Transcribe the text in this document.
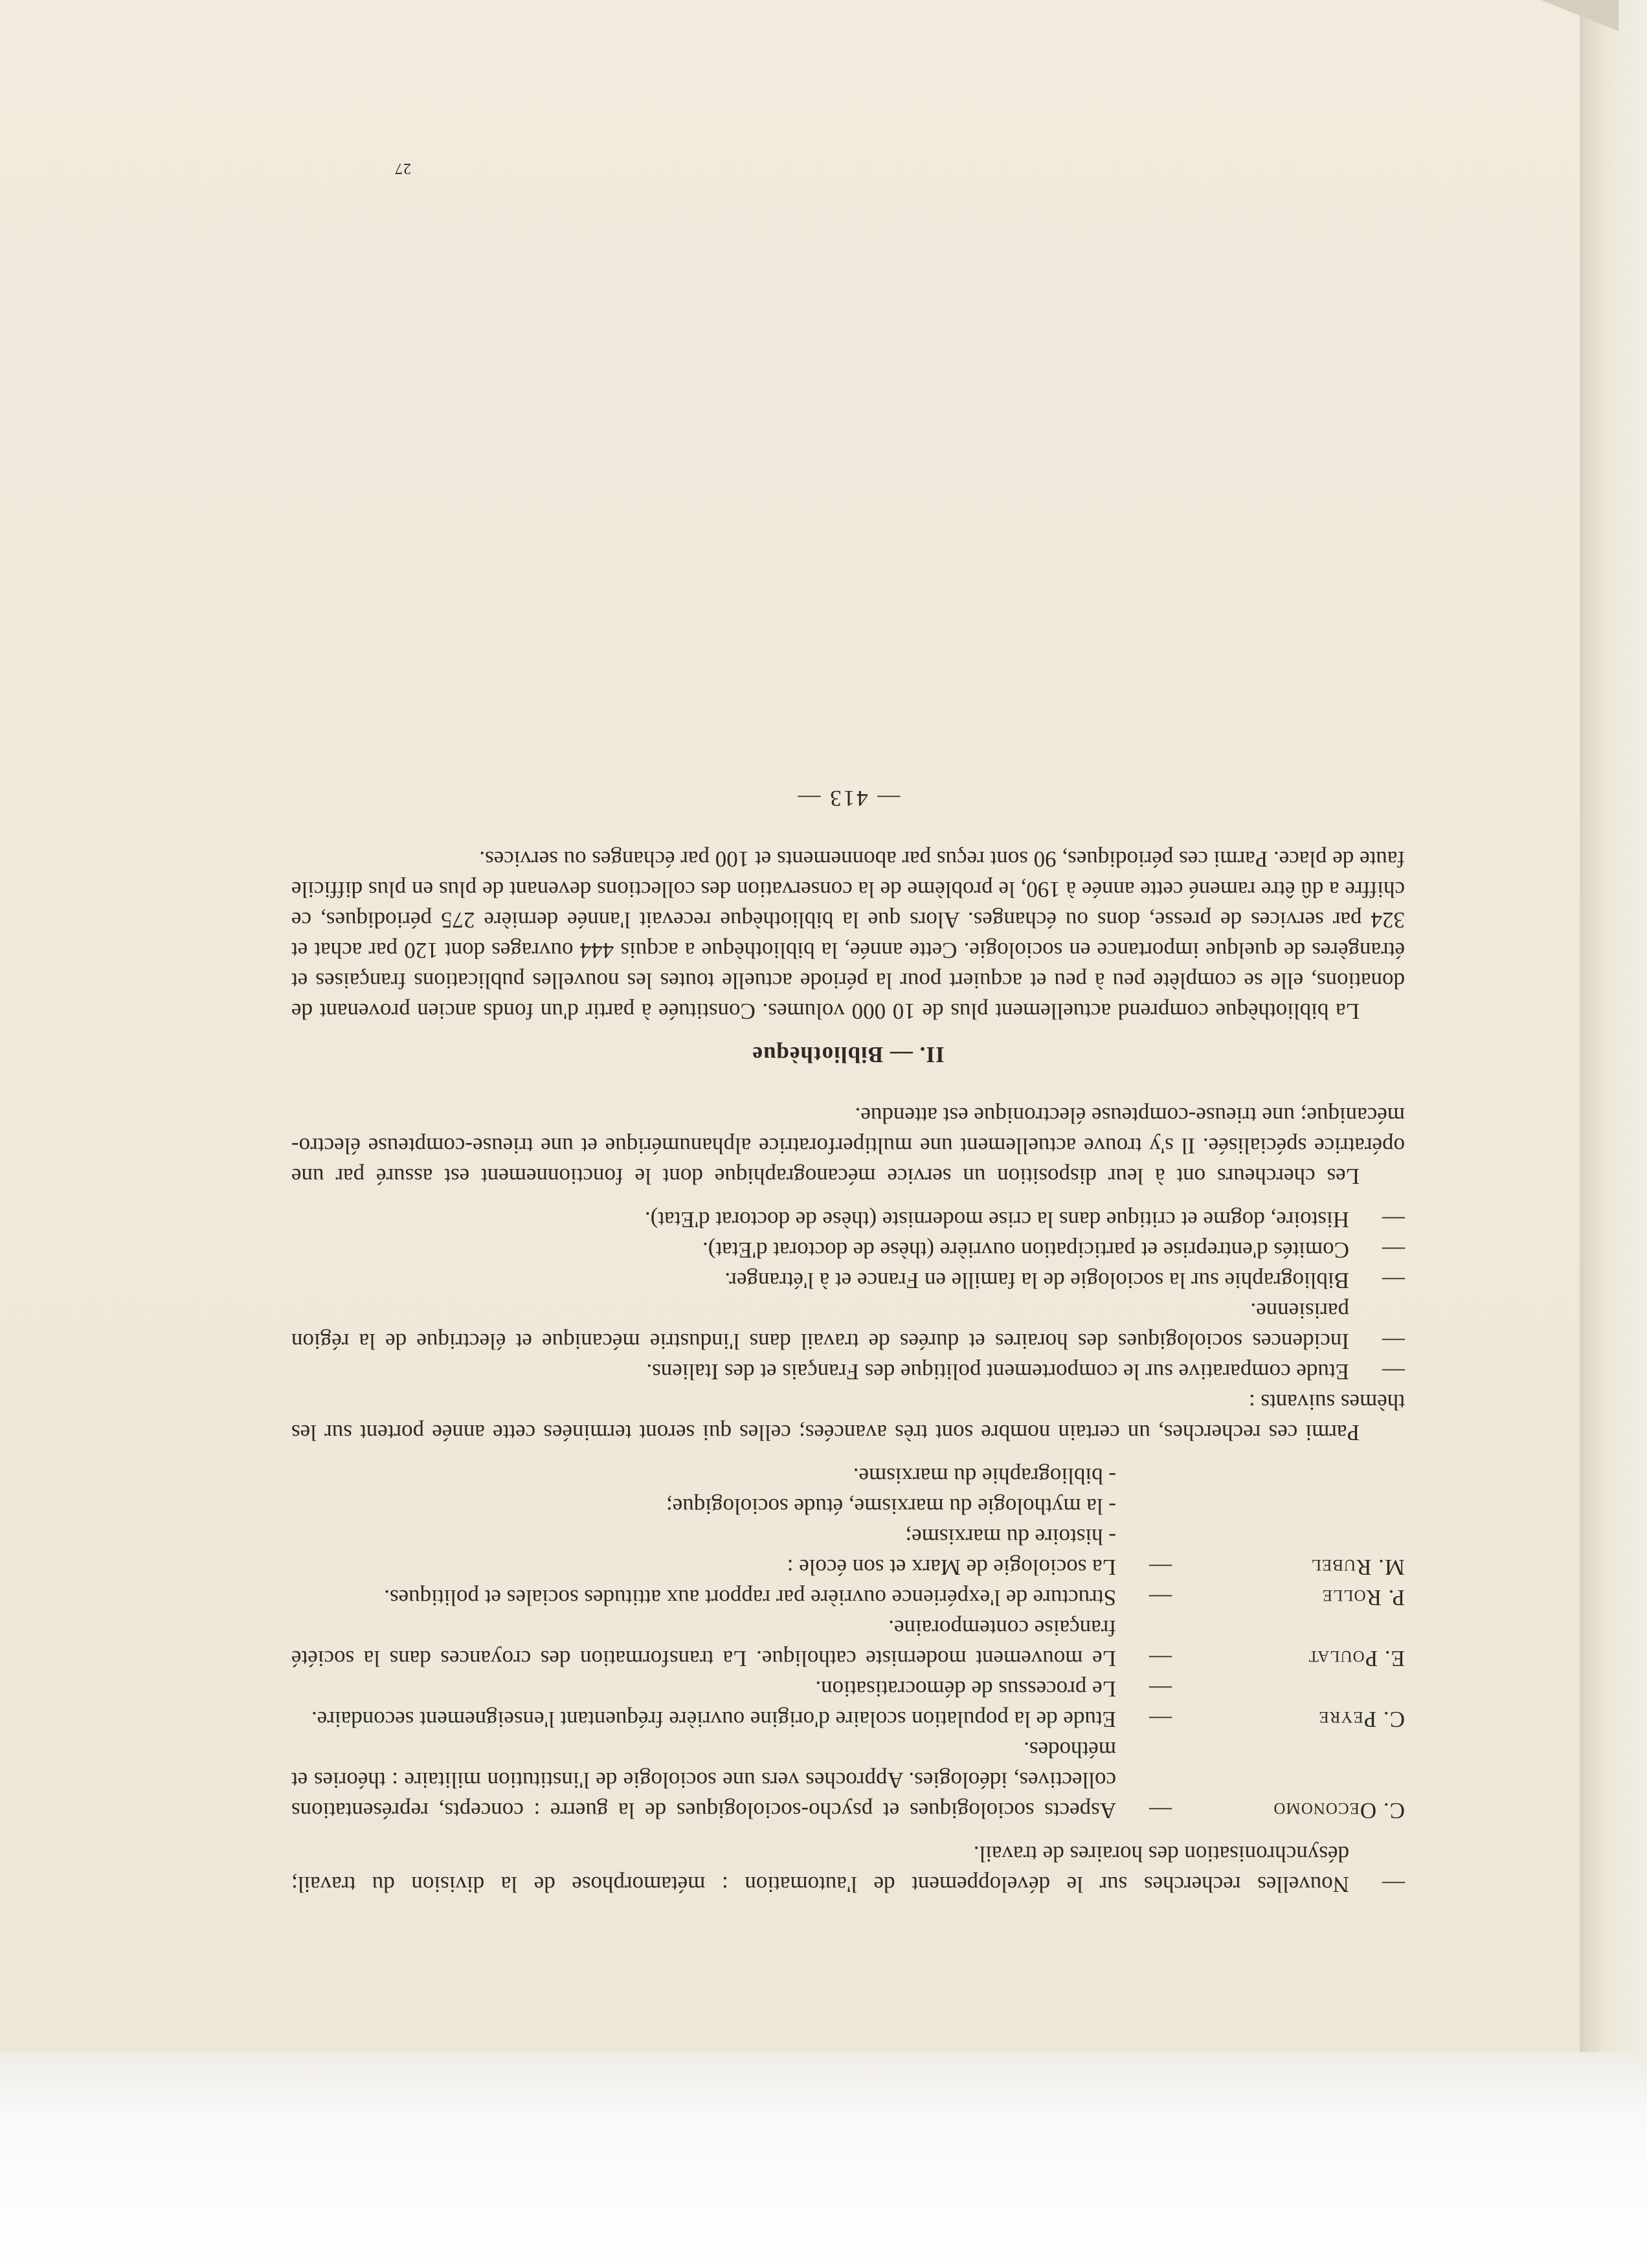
—
Nouvelles recherches sur le développement de l'automation : métamorphose de la division du travail; désynchronisation des horaires de travail.
C. Oeconomo
—
Aspects sociologiques et psycho-sociologiques de la guerre : concepts, représentations collectives, idéologies. Approches vers une sociologie de l'institution militaire : théories et méthodes.
C. Peyre
—
Etude de la population scolaire d'origine ouvrière fréquentant l'enseignement secondaire.
—
Le processus de démocratisation.
E. Poulat
—
Le mouvement moderniste catholique. La transformation des croyances dans la société française contemporaine.
P. Rolle
—
Structure de l'expérience ouvrière par rapport aux attitudes sociales et politiques.
M. Rubel
—
La sociologie de Marx et son école :

- histoire du marxisme;

- la mythologie du marxisme, étude sociologique;

- bibliographie du marxisme.

Parmi ces recherches, un certain nombre sont très avancées; celles qui seront terminées cette année portent sur les thèmes suivants :

—
Etude comparative sur le comportement politique des Français et des Italiens.
—
Incidences sociologiques des horaires et durées de travail dans l'industrie mécanique et électrique de la région parisienne.
—
Bibliographie sur la sociologie de la famille en France et à l'étranger.
—
Comités d'entreprise et participation ouvrière (thèse de doctorat d'Etat).
—
Histoire, dogme et critique dans la crise moderniste (thèse de doctorat d'Etat).

Les chercheurs ont à leur disposition un service mécanographique dont le fonctionnement est assuré par une opératrice spécialisée. Il s'y trouve actuellement une multiperforatrice alphanumérique et une trieuse-compteuse électro-mécanique; une trieuse-compteuse électronique est attendue.

II. — Bibliothèque

La bibliothèque comprend actuellement plus de 10 000 volumes. Constituée à partir d'un fonds ancien provenant de donations, elle se complète peu à peu et acquiert pour la période actuelle toutes les nouvelles publications françaises et étrangères de quelque importance en sociologie. Cette année, la bibliothèque a acquis 444 ouvrages dont 120 par achat et 324 par services de presse, dons ou échanges. Alors que la bibliothèque recevait l'année dernière 275 périodiques, ce chiffre a dû être ramené cette année à 190, le problème de la conservation des collections devenant de plus en plus difficile faute de place. Parmi ces périodiques, 90 sont reçus par abonnements et 100 par échanges ou services.

— 413 —
27
